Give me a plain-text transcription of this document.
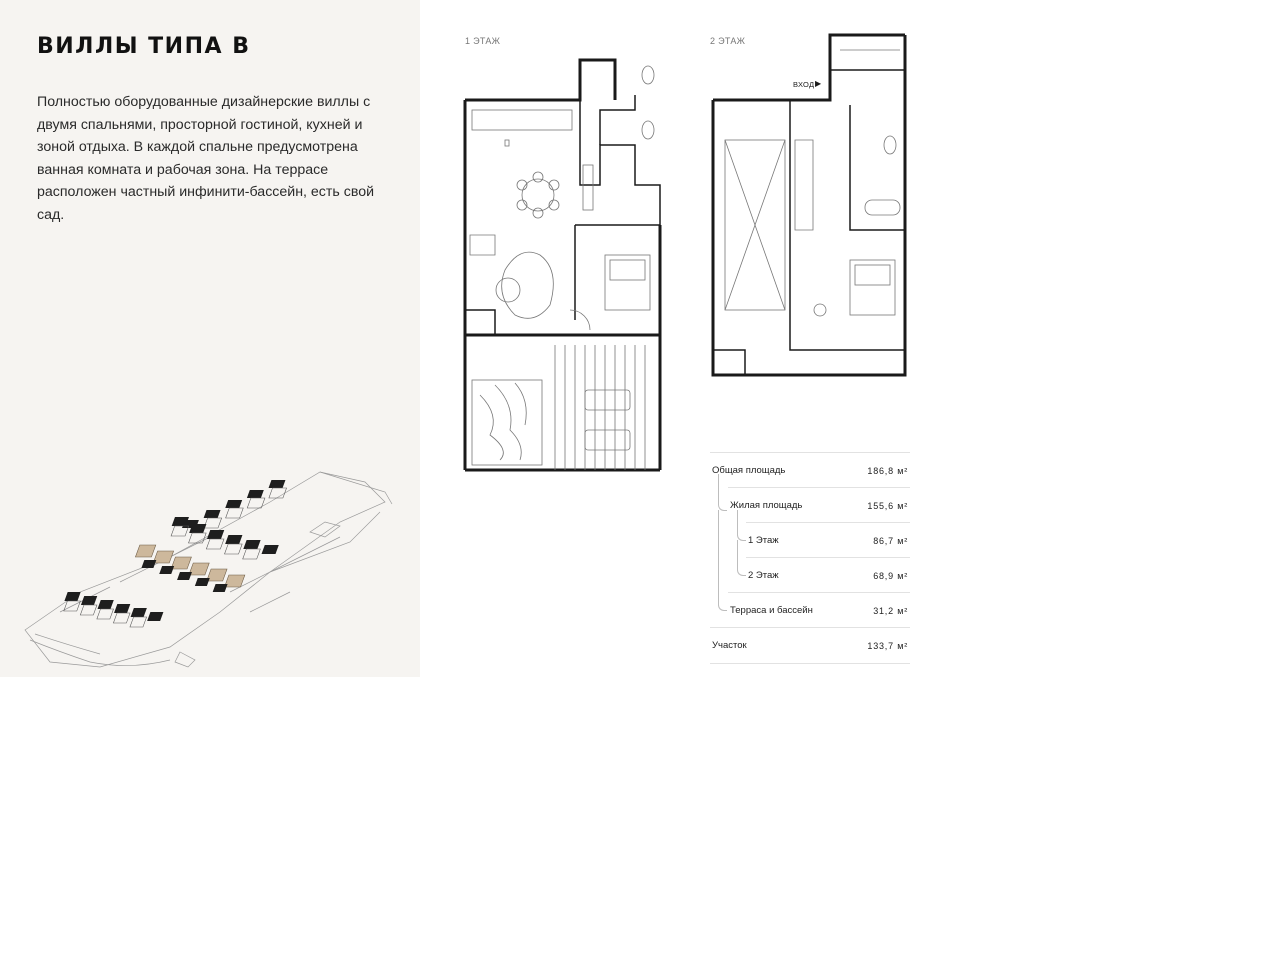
ВИЛЛЫ ТИПА B

Полностью оборудованные дизайнерские виллы с двумя спальнями, просторной гостиной, кухней и зоной отдыха. В каждой спальне предусмотрена ванная комната и рабочая зона. На террасе расположен частный инфинити-бассейн, есть свой сад.

1 ЭТАЖ	2 ЭТАЖ
ВХОД ▶
Общая площадь	186,8 м²
Жилая площадь	155,6 м²
1 Этаж	86,7 м²
2 Этаж	68,9 м²
Терраса и бассейн	31,2 м²
Участок	133,7 м²
